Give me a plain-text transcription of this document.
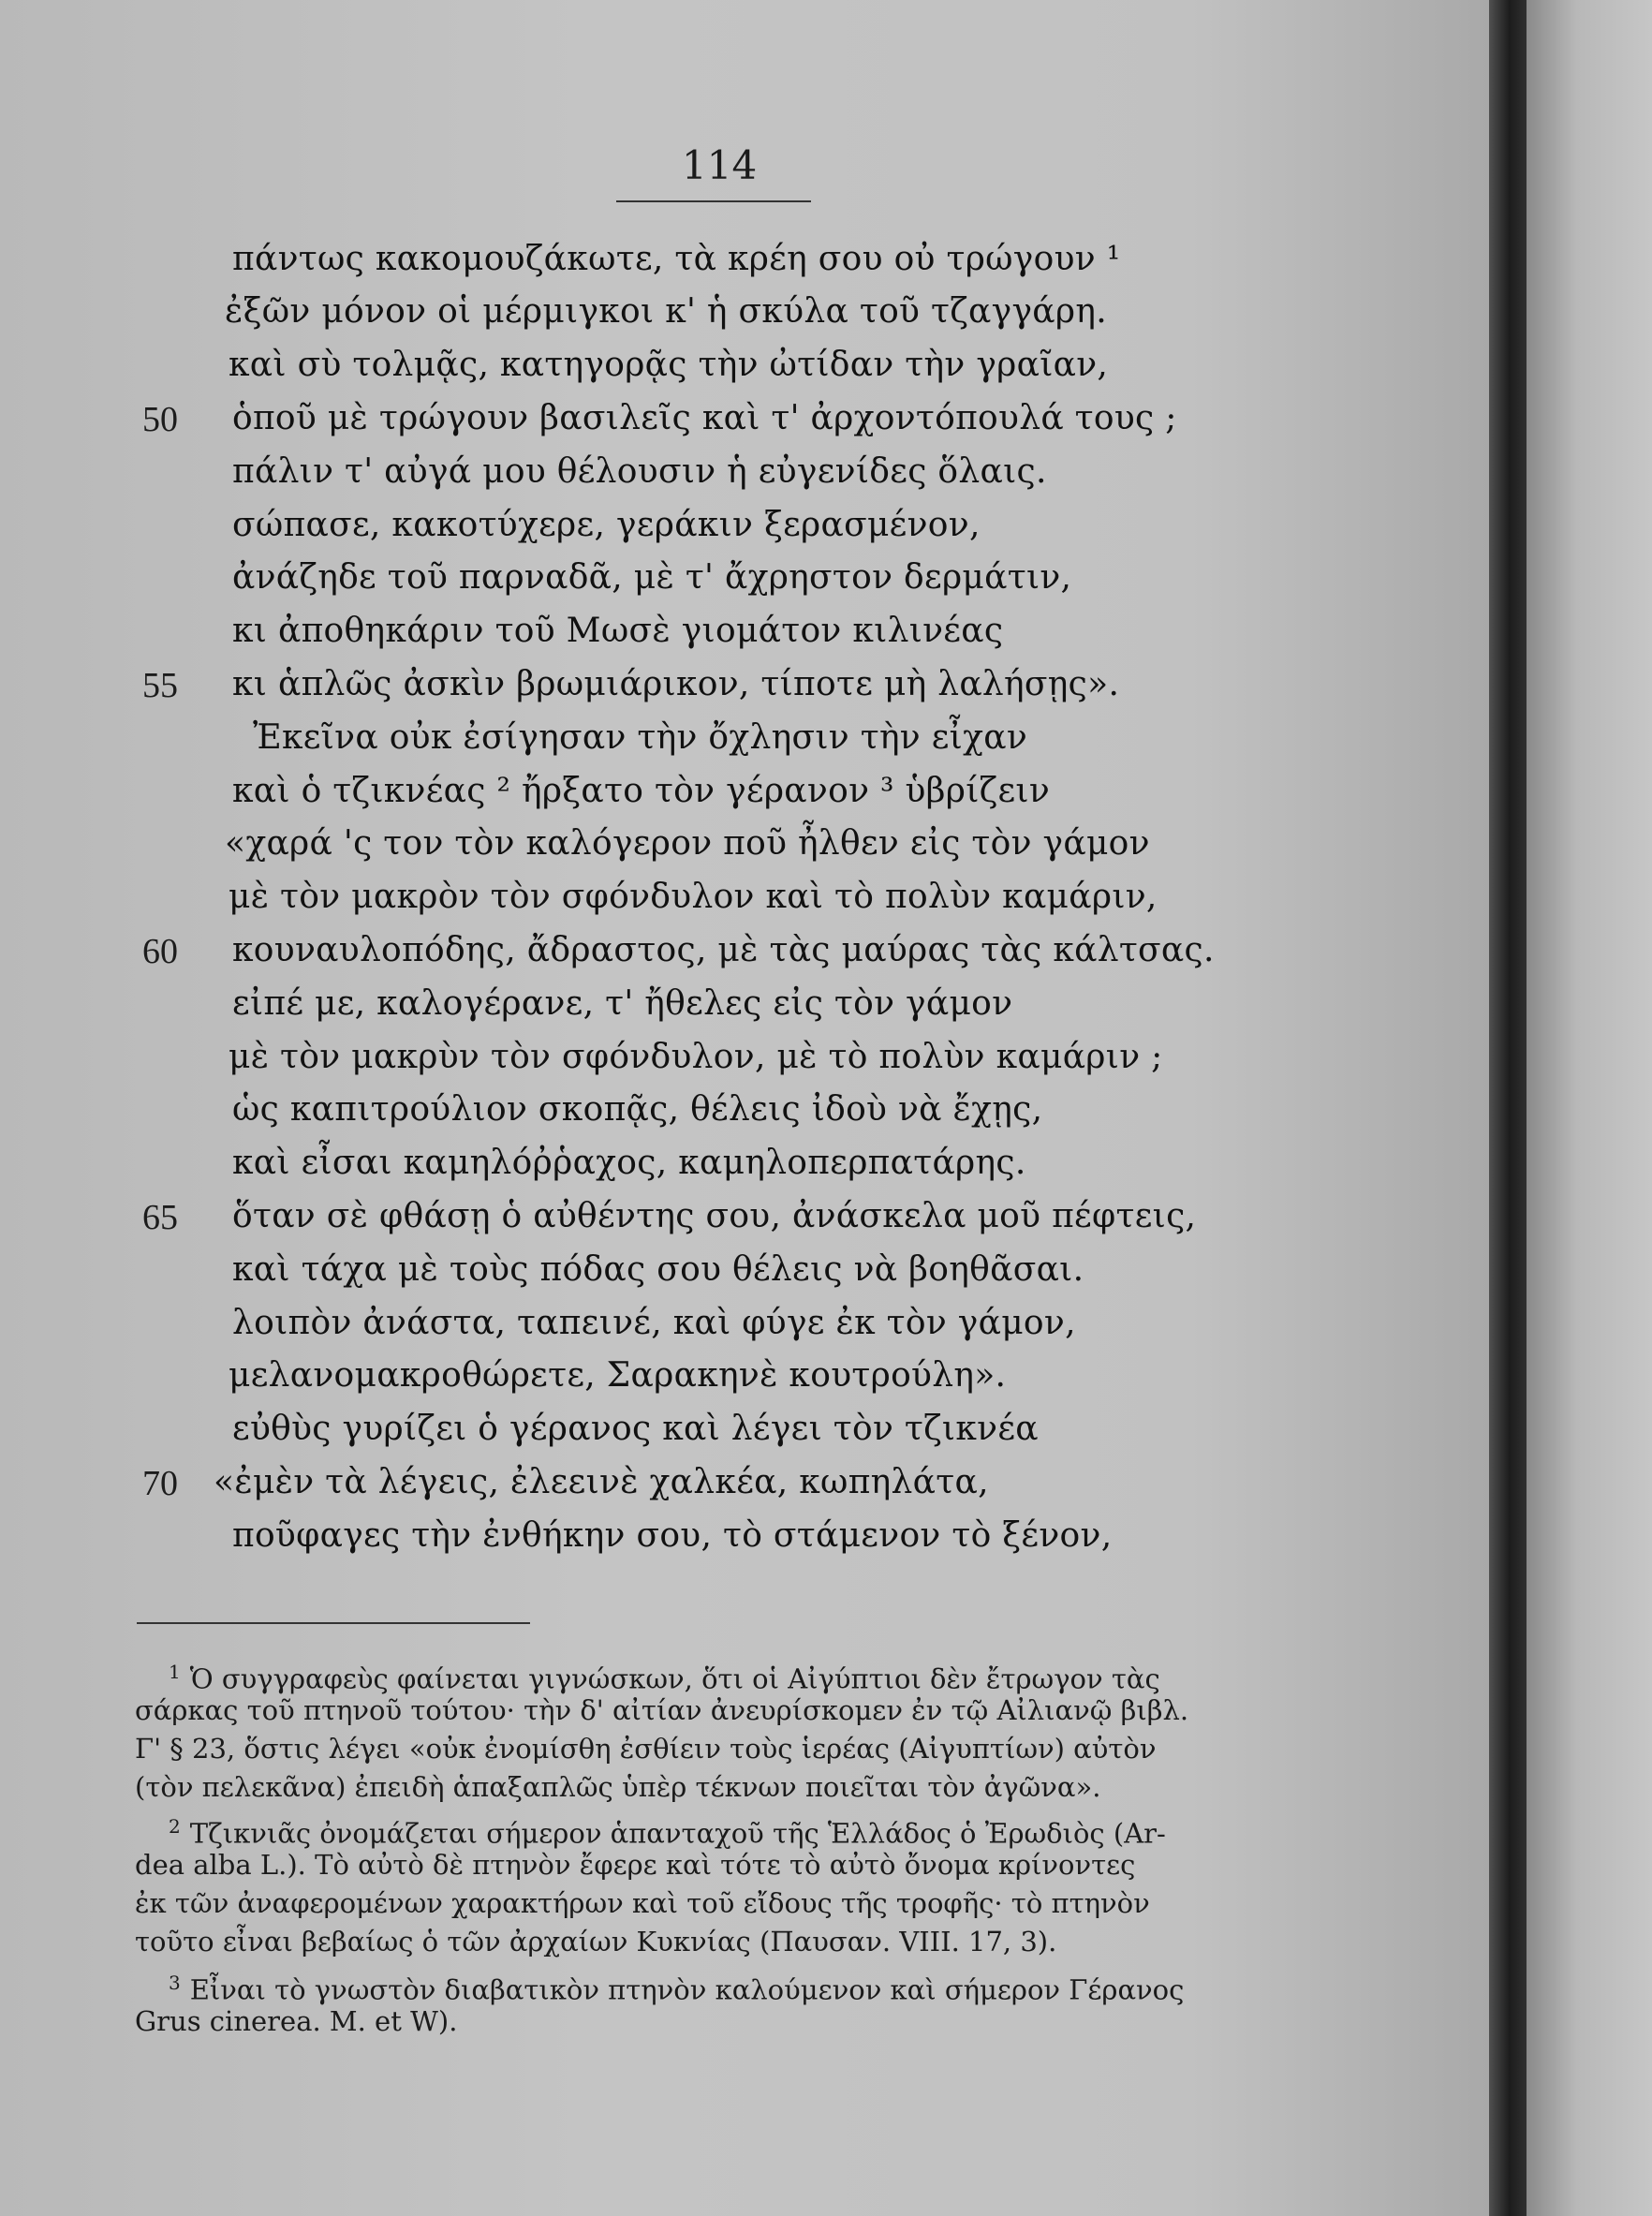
114
πάντως κακομουζάκωτε, τὰ κρέη σου οὐ τρώγουν ¹
ἐξῶν μόνον οἱ μέρμιγκοι κ' ἡ σκύλα τοῦ τζαγγάρη.
καὶ σὺ τολμᾷς, κατηγορᾷς τὴν ὠτίδαν τὴν γραῖαν,
ὁποῦ μὲ τρώγουν βασιλεῖς καὶ τ' ἀρχοντόπουλά τους ;
50
πάλιν τ' αὐγά μου θέλουσιν ἡ εὐγενίδες ὅλαις.
σώπασε, κακοτύχερε, γεράκιν ξερασμένον,
ἀνάζηδε τοῦ παρναδᾶ, μὲ τ' ἄχρηστον δερμάτιν,
κι ἀποθηκάριν τοῦ Μωσὲ γιομάτον κιλινέας
κι ἁπλῶς ἀσκὶν βρωμιάρικον, τίποτε μὴ λαλήσῃς».
55
Ἐκεῖνα οὐκ ἐσίγησαν τὴν ὄχλησιν τὴν εἶχαν
καὶ ὁ τζικνέας ² ἤρξατο τὸν γέρανον ³ ὑβρίζειν
«χαρά 'ς τον τὸν καλόγερον ποῦ ἦλθεν εἰς τὸν γάμον
μὲ τὸν μακρὸν τὸν σφόνδυλον καὶ τὸ πολὺν καμάριν,
κουναυλοπόδης, ἄδραστος, μὲ τὰς μαύρας τὰς κάλτσας.
60
εἰπέ με, καλογέρανε, τ' ἤθελες εἰς τὸν γάμον
μὲ τὸν μακρὺν τὸν σφόνδυλον, μὲ τὸ πολὺν καμάριν ;
ὡς καπιτρούλιον σκοπᾷς, θέλεις ἰδοὺ νὰ ἔχῃς,
καὶ εἶσαι καμηλόῤῥαχος, καμηλοπερπατάρης.
ὅταν σὲ φθάσῃ ὁ αὐθέντης σου, ἀνάσκελα μοῦ πέφτεις,
65
καὶ τάχα μὲ τοὺς πόδας σου θέλεις νὰ βοηθᾶσαι.
λοιπὸν ἀνάστα, ταπεινέ, καὶ φύγε ἐκ τὸν γάμον,
μελανομακροθώρετε, Σαρακηνὲ κουτρούλη».
εὐθὺς γυρίζει ὁ γέρανος καὶ λέγει τὸν τζικνέα
«ἐμὲν τὰ λέγεις, ἐλεεινὲ χαλκέα, κωπηλάτα,
70
ποῦφαγες τὴν ἐνθήκην σου, τὸ στάμενον τὸ ξένον,
$^1$ Ὁ συγγραφεὺς φαίνεται γιγνώσκων, ὅτι οἱ Αἰγύπτιοι δὲν ἔτρωγον τὰς
σάρκας τοῦ πτηνοῦ τούτου· τὴν δ' αἰτίαν ἀνευρίσκομεν ἐν τῷ Αἰλιανῷ βιβλ.
Γ' § 23, ὅστις λέγει «οὐκ ἐνομίσθη ἐσθίειν τοὺς ἱερέας (Αἰγυπτίων) αὐτὸν
(τὸν πελεκᾶνα) ἐπειδὴ ἁπαξαπλῶς ὑπὲρ τέκνων ποιεῖται τὸν ἀγῶνα».
$^2$ Τζικνιᾶς ὀνομάζεται σήμερον ἁπανταχοῦ τῆς Ἑλλάδος ὁ Ἐρωδιὸς (Ar-
dea alba L.). Τὸ αὐτὸ δὲ πτηνὸν ἔφερε καὶ τότε τὸ αὐτὸ ὄνομα κρίνοντες
ἐκ τῶν ἀναφερομένων χαρακτήρων καὶ τοῦ εἴδους τῆς τροφῆς· τὸ πτηνὸν
τοῦτο εἶναι βεβαίως ὁ τῶν ἀρχαίων Κυκνίας (Παυσαν. VIII. 17, 3).
$^3$ Εἶναι τὸ γνωστὸν διαβατικὸν πτηνὸν καλούμενον καὶ σήμερον Γέρανος
Grus cinerea. M. et W).
